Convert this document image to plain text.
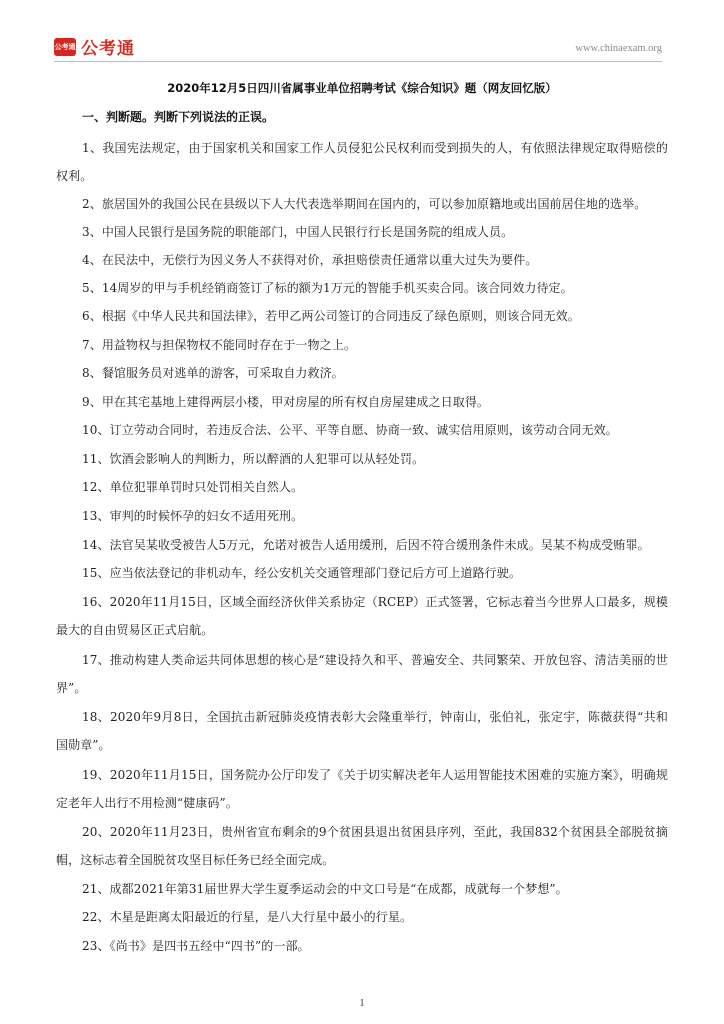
公考通 公考通	www.chinaexam.org
2020年12月5日四川省属事业单位招聘考试《综合知识》题（网友回忆版）
一、判断题。判断下列说法的正误。

1、我国宪法规定，由于国家机关和国家工作人员侵犯公民权利而受到损失的人，有依照法律规定取得赔偿的权利。

2、旅居国外的我国公民在县级以下人大代表选举期间在国内的，可以参加原籍地或出国前居住地的选举。

3、中国人民银行是国务院的职能部门，中国人民银行行长是国务院的组成人员。

4、在民法中，无偿行为因义务人不获得对价，承担赔偿责任通常以重大过失为要件。

5、14周岁的甲与手机经销商签订了标的额为1万元的智能手机买卖合同。该合同效力待定。

6、根据《中华人民共和国法律》，若甲乙两公司签订的合同违反了绿色原则，则该合同无效。

7、用益物权与担保物权不能同时存在于一物之上。

8、餐馆服务员对逃单的游客，可采取自力救济。

9、甲在其宅基地上建得两层小楼，甲对房屋的所有权自房屋建成之日取得。

10、订立劳动合同时，若违反合法、公平、平等自愿、协商一致、诚实信用原则，该劳动合同无效。

11、饮酒会影响人的判断力，所以醉酒的人犯罪可以从轻处罚。

12、单位犯罪单罚时只处罚相关自然人。

13、审判的时候怀孕的妇女不适用死刑。

14、法官吴某收受被告人5万元，允诺对被告人适用缓刑，后因不符合缓刑条件未成。吴某不构成受贿罪。

15、应当依法登记的非机动车，经公安机关交通管理部门登记后方可上道路行驶。

16、2020年11月15日，区域全面经济伙伴关系协定（RCEP）正式签署，它标志着当今世界人口最多，规模最大的自由贸易区正式启航。

17、推动构建人类命运共同体思想的核心是“建设持久和平、普遍安全、共同繁荣、开放包容、清洁美丽的世界”。

18、2020年9月8日，全国抗击新冠肺炎疫情表彰大会隆重举行，钟南山，张伯礼，张定宇，陈薇获得“共和国勋章”。

19、2020年11月15日，国务院办公厅印发了《关于切实解决老年人运用智能技术困难的实施方案》，明确规定老年人出行不用检测“健康码”。

20、2020年11月23日，贵州省宣布剩余的9个贫困县退出贫困县序列，至此，我国832个贫困县全部脱贫摘帽，这标志着全国脱贫攻坚目标任务已经全面完成。

21、成都2021年第31届世界大学生夏季运动会的中文口号是“在成都，成就每一个梦想”。

22、木星是距离太阳最近的行星，是八大行星中最小的行星。

23、《尚书》是四书五经中“四书”的一部。

1
